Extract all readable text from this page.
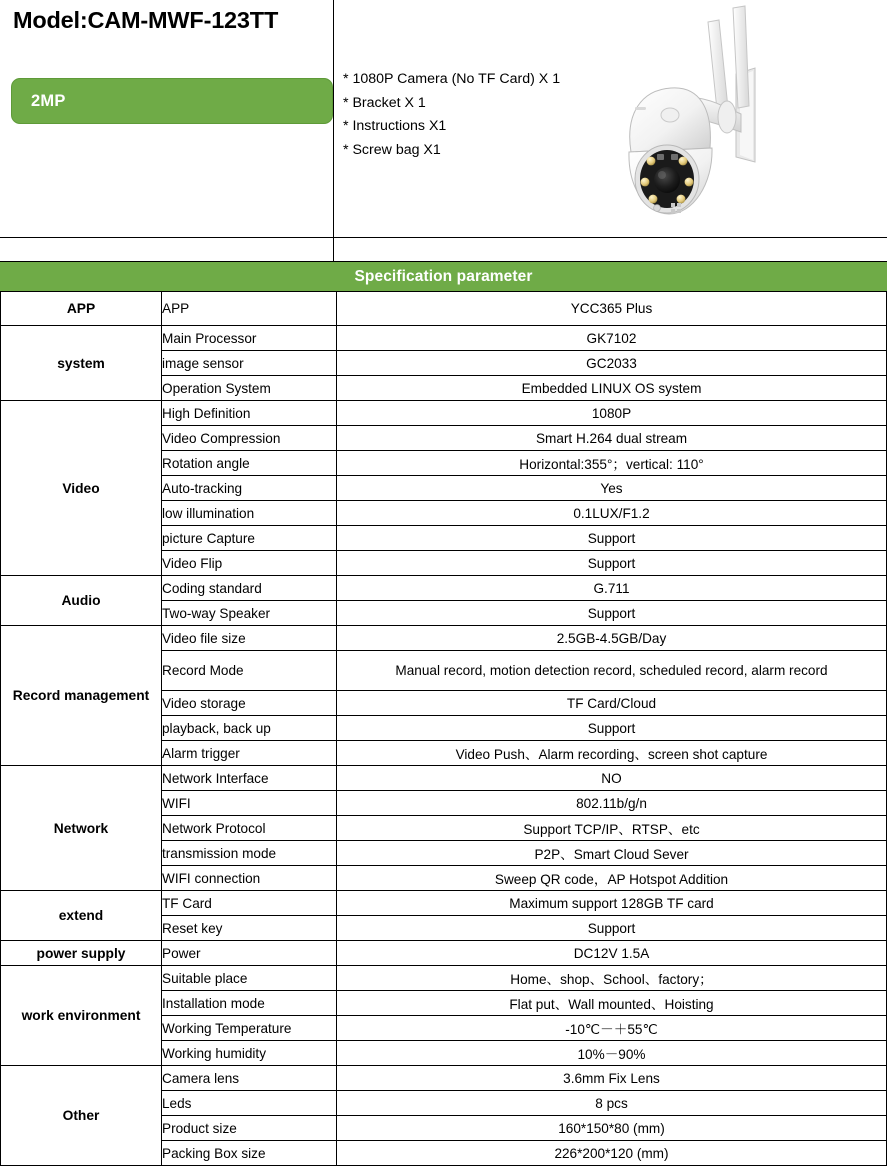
Model:CAM-MWF-123TT
2MP
* 1080P Camera (No TF Card) X 1
* Bracket X 1
* Instructions X1
* Screw bag X1
Specification parameter
APP	APP	YCC365 Plus
system	Main Processor	GK7102
	image sensor	GC2033
	Operation System	Embedded LINUX OS system
Video	High Definition	1080P
	Video Compression	Smart H.264 dual stream
	Rotation angle	Horizontal:355°；vertical: 110°
	Auto-tracking	Yes
	low illumination	0.1LUX/F1.2
	picture Capture	Support
	Video Flip	Support
Audio	Coding standard	G.711
	Two-way Speaker	Support
Record management	Video file size	2.5GB-4.5GB/Day
	Record Mode	Manual record, motion detection record, scheduled record, alarm record
	Video storage	TF Card/Cloud
	playback, back up	Support
	Alarm trigger	Video Push、Alarm recording、screen shot capture
Network	Network Interface	NO
	WIFI	802.11b/g/n
	Network Protocol	Support TCP/IP、RTSP、etc
	transmission mode	P2P、Smart Cloud Sever
	WIFI connection	Sweep QR code，AP Hotspot Addition
extend	TF Card	Maximum support 128GB TF card
	Reset key	Support
power supply	Power	DC12V 1.5A
work environment	Suitable place	Home、shop、School、factory；
	Installation mode	Flat put、Wall mounted、Hoisting
	Working Temperature	-10℃－＋55℃
	Working humidity	10%－90%
Other	Camera lens	3.6mm Fix Lens
	Leds	8 pcs
	Product size	160*150*80 (mm)
	Packing Box size	226*200*120 (mm)
